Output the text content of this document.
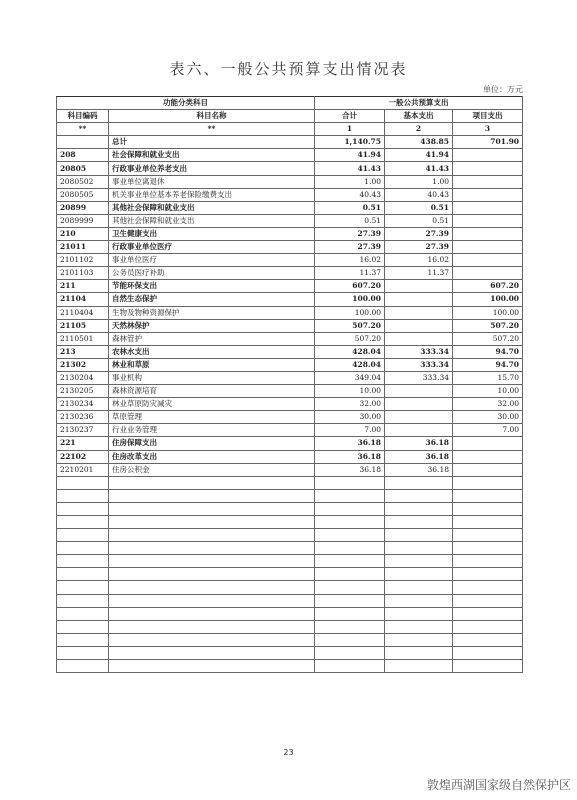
表六、一般公共预算支出情况表
单位：万元
功能分类科目		一般公共预算支出		
科目编码	科目名称	合计	基本支出	项目支出
**	**	1	2	3
	总计	1,140.75	438.85	701.90
208	社会保障和就业支出	41.94	41.94	
20805	行政事业单位养老支出	41.43	41.43	
2080502	事业单位离退休	1.00	1.00	
2080505	机关事业单位基本养老保险缴费支出	40.43	40.43	
20899	其他社会保障和就业支出	0.51	0.51	
2089999	其他社会保障和就业支出	0.51	0.51	
210	卫生健康支出	27.39	27.39	
21011	行政事业单位医疗	27.39	27.39	
2101102	事业单位医疗	16.02	16.02	
2101103	公务员医疗补助	11.37	11.37	
211	节能环保支出	607.20		607.20
21104	自然生态保护	100.00		100.00
2110404	生物及物种资源保护	100.00		100.00
21105	天然林保护	507.20		507.20
2110501	森林管护	507.20		507.20
213	农林水支出	428.04	333.34	94.70
21302	林业和草原	428.04	333.34	94.70
2130204	事业机构	349.04	333.34	15.70
2130205	森林资源培育	10.00		10.00
2130234	林业草原防灾减灾	32.00		32.00
2130236	草原管理	30.00		30.00
2130237	行业业务管理	7.00		7.00
221	住房保障支出	36.18	36.18	
22102	住房改革支出	36.18	36.18	
2210201	住房公积金	36.18	36.18	

23
敦煌西湖国家级自然保护区
